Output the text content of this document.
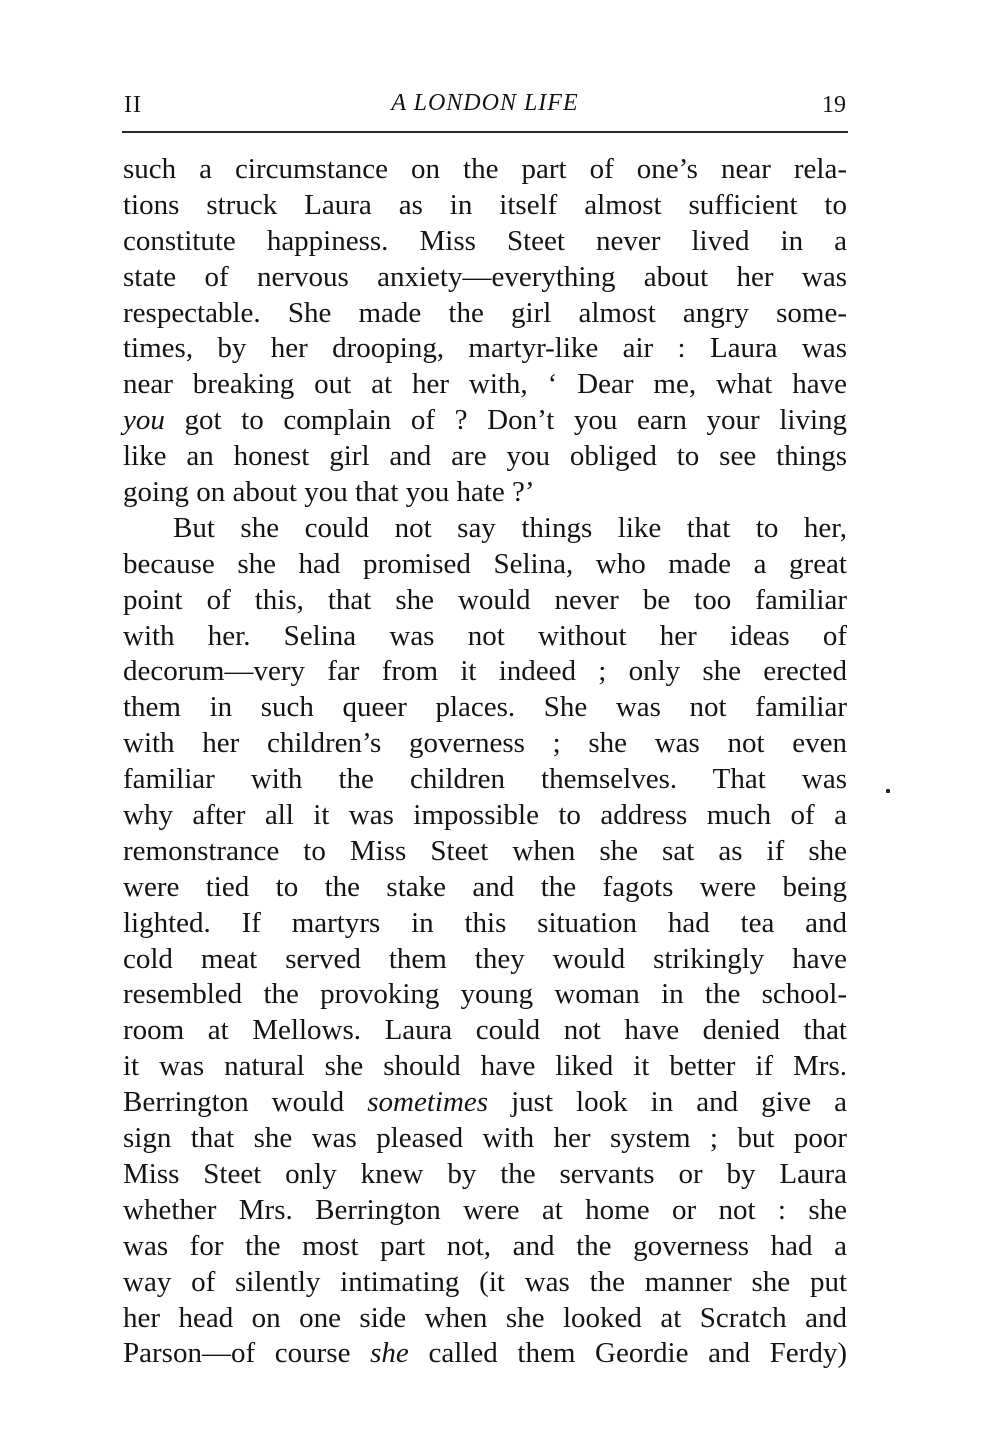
II	A LONDON LIFE	19
such a circumstance on the part of one’s near rela-
tions struck Laura as in itself almost sufficient to
constitute happiness. Miss Steet never lived in a
state of nervous anxiety—everything about her was
respectable. She made the girl almost angry some-
times, by her drooping, martyr-like air : Laura was
near breaking out at her with, ‘ Dear me, what have
you got to complain of ? Don’t you earn your living
like an honest girl and are you obliged to see things
going on about you that you hate ?’
But she could not say things like that to her,
because she had promised Selina, who made a great
point of this, that she would never be too familiar
with her. Selina was not without her ideas of
decorum—very far from it indeed ; only she erected
them in such queer places. She was not familiar
with her children’s governess ; she was not even
familiar with the children themselves. That was
why after all it was impossible to address much of a
remonstrance to Miss Steet when she sat as if she
were tied to the stake and the fagots were being
lighted. If martyrs in this situation had tea and
cold meat served them they would strikingly have
resembled the provoking young woman in the school-
room at Mellows. Laura could not have denied that
it was natural she should have liked it better if Mrs.
Berrington would sometimes just look in and give a
sign that she was pleased with her system ; but poor
Miss Steet only knew by the servants or by Laura
whether Mrs. Berrington were at home or not : she
was for the most part not, and the governess had a
way of silently intimating (it was the manner she put
her head on one side when she looked at Scratch and
Parson—of course she called them Geordie and Ferdy)
